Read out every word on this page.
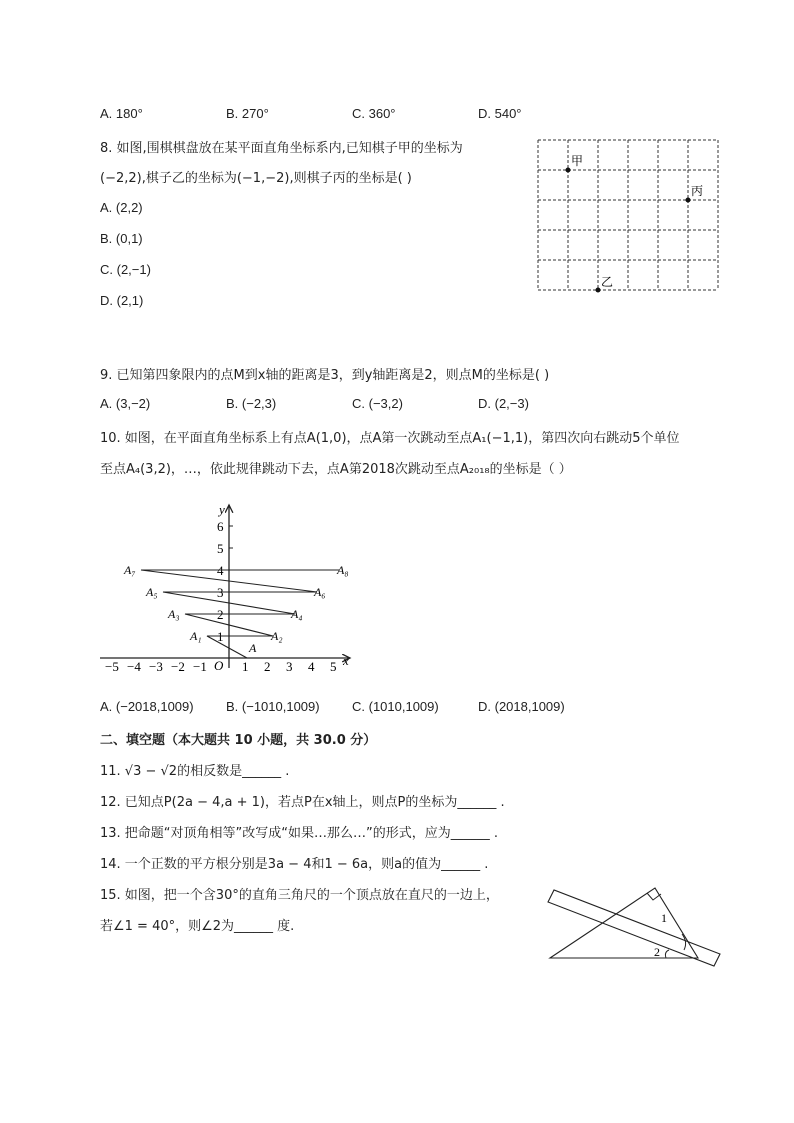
A. 180°	B. 270°	C. 360°	D. 540°
8. 如图,围棋棋盘放在某平面直角坐标系内,已知棋子甲的坐标为
(−2,2),棋子乙的坐标为(−1,−2),则棋子丙的坐标是( )
A. (2,2)
B. (0,1)
C. (2,−1)
D. (2,1)
甲
丙
乙
9. 已知第四象限内的点M到x轴的距离是3，到y轴距离是2，则点M的坐标是( )
A. (3,−2)	B. (−2,3)	C. (−3,2)	D. (2,−3)
10. 如图，在平面直角坐标系上有点A(1,0)，点A第一次跳动至点A₁(−1,1)，第四次向右跳动5个单位
至点A₄(3,2)，…，依此规律跳动下去，点A第2018次跳动至点A₂₀₁₈的坐标是（ ）
y
x
O
1
2
3
4
5
6
−5 −4 −3 −2 −1	1 2 3 4 5
A
A₁	A₂
A₃	A₄
A₅	A₆
A₇	A₈
A. (−2018,1009) B. (−1010,1009) C. (1010,1009)	D. (2018,1009)
二、填空题（本大题共 10 小题，共 30.0 分）
11. √3 − √2的相反数是______ .
12. 已知点P(2a − 4,a + 1)，若点P在x轴上，则点P的坐标为______ .
13. 把命题“对顶角相等”改写成“如果…那么…”的形式，应为______ .
14. 一个正数的平方根分别是3a − 4和1 − 6a，则a的值为______ .
15. 如图，把一个含30°的直角三角尺的一个顶点放在直尺的一边上，
若∠1 = 40°，则∠2为______ 度.
1
2
